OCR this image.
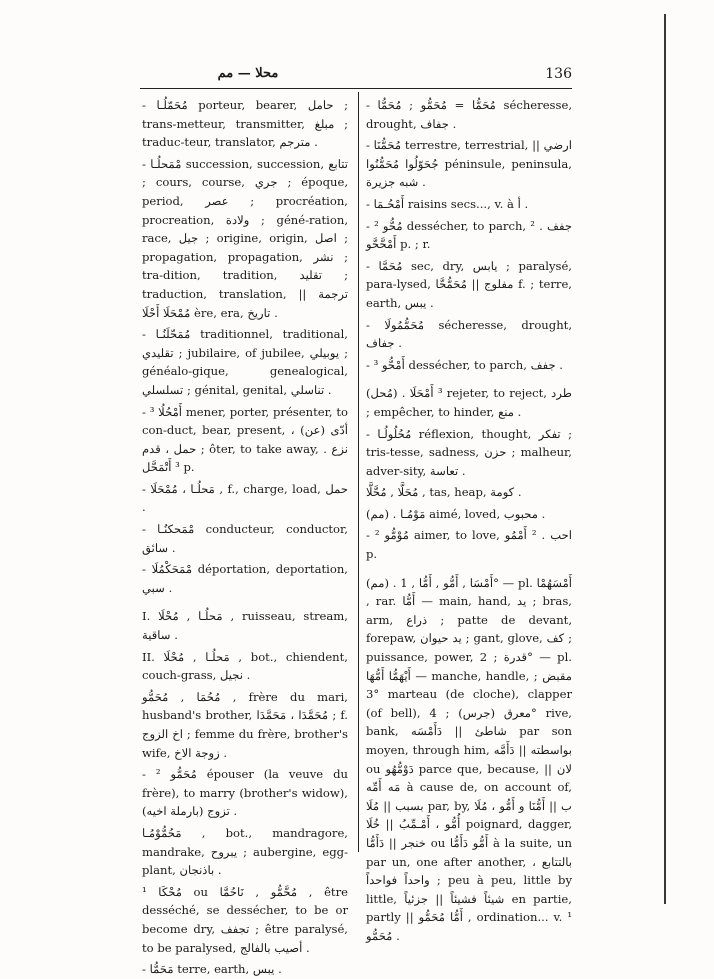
محلا — مم	136

- مُحَمّلُـا porteur, bearer, حامل ; trans-metteur, transmitter, مبلغ ; traduc-teur, translator, مترجم .

- مْمَحلُـا succession, succession, تتابع ; cours, course, جري ; époque, period, عصر ; procréation, procreation, ولادة ; géné-ration, race, جيل ; origine, origin, اصل ; propagation, propagation, نشر ; tra-dition, tradition, تقليد ; traduction, translation, ترجمة || مُمْحَلَا أَحْلَا ère, era, تاريخ .

- مُمَحّلَنُـا traditionnel, traditional, تقليدي ; jubilaire, of jubilee, يوبيلي ; généalo-gique, genealogical, تسلسلي ; génital, genital, تناسلي .

- ³ أَمْحُلُا mener, porter, présenter, to con-duct, bear, present, أدّى (عن) ، حمل ، قدم ; ôter, to take away, نزع . ³ أَتْمَحَّل p.

- مَحلُـا ، مُمْحَلَا , f., charge, load, حمل .

- مْمَحكنُـا conducteur, conductor, سائق .

- مْمَحَكْمُلَا déportation, deportation, سبي .

I. مَحلُـا , مُحْلَا , ruisseau, stream, ساقية .

II. مَحلُـا , مُحْلَا , bot., chiendent, couch-grass, نجيل .

مُحُمَا , مُحَمُّو , frère du mari, husband's brother, مُحَمَّدَا ، مَحَمَّدَا ; f. اخ الزوج ; femme du frère, brother's wife, زوجة الاخ .

- ² مُحَمُّو épouser (la veuve du frère), to marry (brother's widow), تزوج (بارملة اخيه) .

مَحُمُّوْمُـا , bot., mandragore, mandrake, يبروح ; aubergine, egg-plant, باذنجان .

¹ مُحْكَا ou مُحَّمُّو , نَاحُمَّا , être desséché, se dessécher, to be or become dry, تجفف ; être paralysé, to be paralysed, أصيب بالفالج .

- مَحَمُّا terre, earth, يبس .

- مُحَمُّا = مُحَمُّو ; مُحَمُّا sécheresse, drought, جفاف .

- مُحَمُّنَا terrestre, terrestrial, ارضي || جُحَوّلُوا مُحَمُّنُوا péninsule, peninsula, شبه جزيرة .

- أَمْحُـمَا raisins secs..., v. à أ .

- ² مُحُّو dessécher, to parch, جفف . ² أَمْحَّحَّو p. ; r.

- مُحَمَّا sec, dry, يابس ; paralysé, para-lysed, مفلوج || مُحَمُّحَّا f. ; terre, earth, يبس .

- مُحَمُّمُولَا sécheresse, drought, جفاف .

- ³ أَمْحُّو dessécher, to parch, جفف .

(مُحل) . ³ أَمْحَلَا rejeter, to reject, طرد ; empêcher, to hinder, منع .

- مُحُلُولُـا réflexion, thought, تفكر ; tris-tesse, sadness, حزن ; malheur, adver-sity, تعاسة .

مُحَلَّا , مُحَّلَّا , tas, heap, كومة .

(مم) . مَوْمُـا aimé, loved, محبوب .

- ² مُوْمُّو aimer, to love, احب . ² أَمْمُو p.

(مم) . أَمْسَا , أَمُّو , أَمُّا , 1° — pl. أَمْسَهُمْا , rar. أَمُّا — main, hand, يد ; bras, arm, ذراع ; patte de devant, forepaw, يد حيوان ; gant, glove, كف ; puissance, power, قدرة ; 2° — pl. أَيْهَمُّا أَمُّهَا — manche, handle, مقبض ; 3° marteau (de cloche), clapper (of bell), معرق (جرس) ; 4° rive, bank, شاطئ || دَأَمْسَه par son moyen, through him, بواسطته || دَأَمَّه ou دَوْمُّهُو parce que, because, لان || مَه أَمِّه à cause de, on account of, بسبب || مُلَا par, by, ب || أَمُّنَا و أَمُّو ، مُلَا أُمُّو ، أَمْـمِّبُ || خُلَا poignard, dagger, خنجر || دَأَمُّا ou أَمُّو دَأَمُّا à la suite, un par un, one after another, بالتتابع ، واحداً فواحداً ; peu à peu, little by little, شيئاً فشيئاً || جزئياً en partie, partly || أَمُّا مُحَمُّو , ordination... v. ¹ مُحَمُّو .
